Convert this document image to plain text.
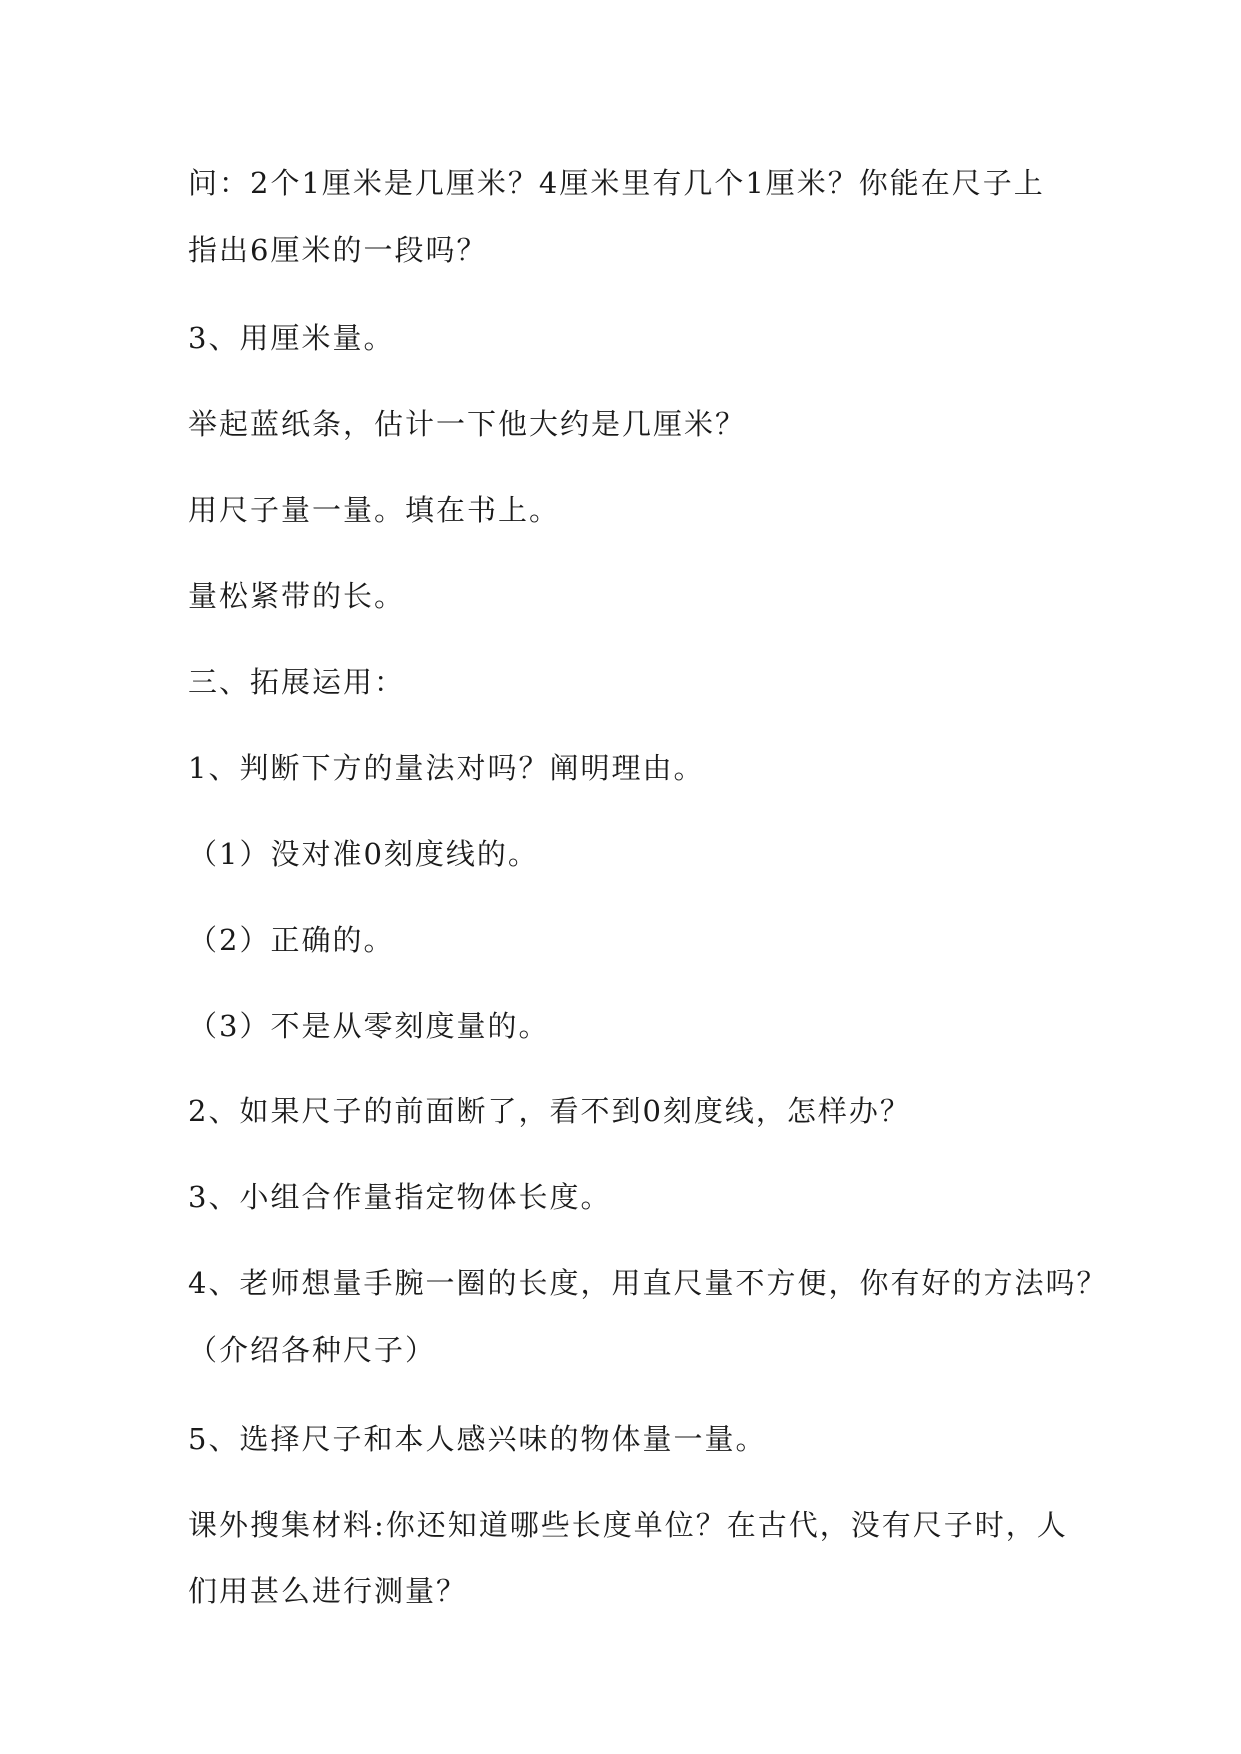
问：2个1厘米是几厘米？4厘米里有几个1厘米？你能在尺子上
指出6厘米的一段吗？
3、用厘米量。
举起蓝纸条，估计一下他大约是几厘米？
用尺子量一量。填在书上。
量松紧带的长。
三、拓展运用：
1、判断下方的量法对吗？阐明理由。
（1）没对准0刻度线的。
（2）正确的。
（3）不是从零刻度量的。
2、如果尺子的前面断了，看不到0刻度线，怎样办？
3、小组合作量指定物体长度。
4、老师想量手腕一圈的长度，用直尺量不方便，你有好的方法吗？
（介绍各种尺子）
5、选择尺子和本人感兴味的物体量一量。
课外搜集材料:你还知道哪些长度单位？在古代，没有尺子时，人
们用甚么进行测量？
